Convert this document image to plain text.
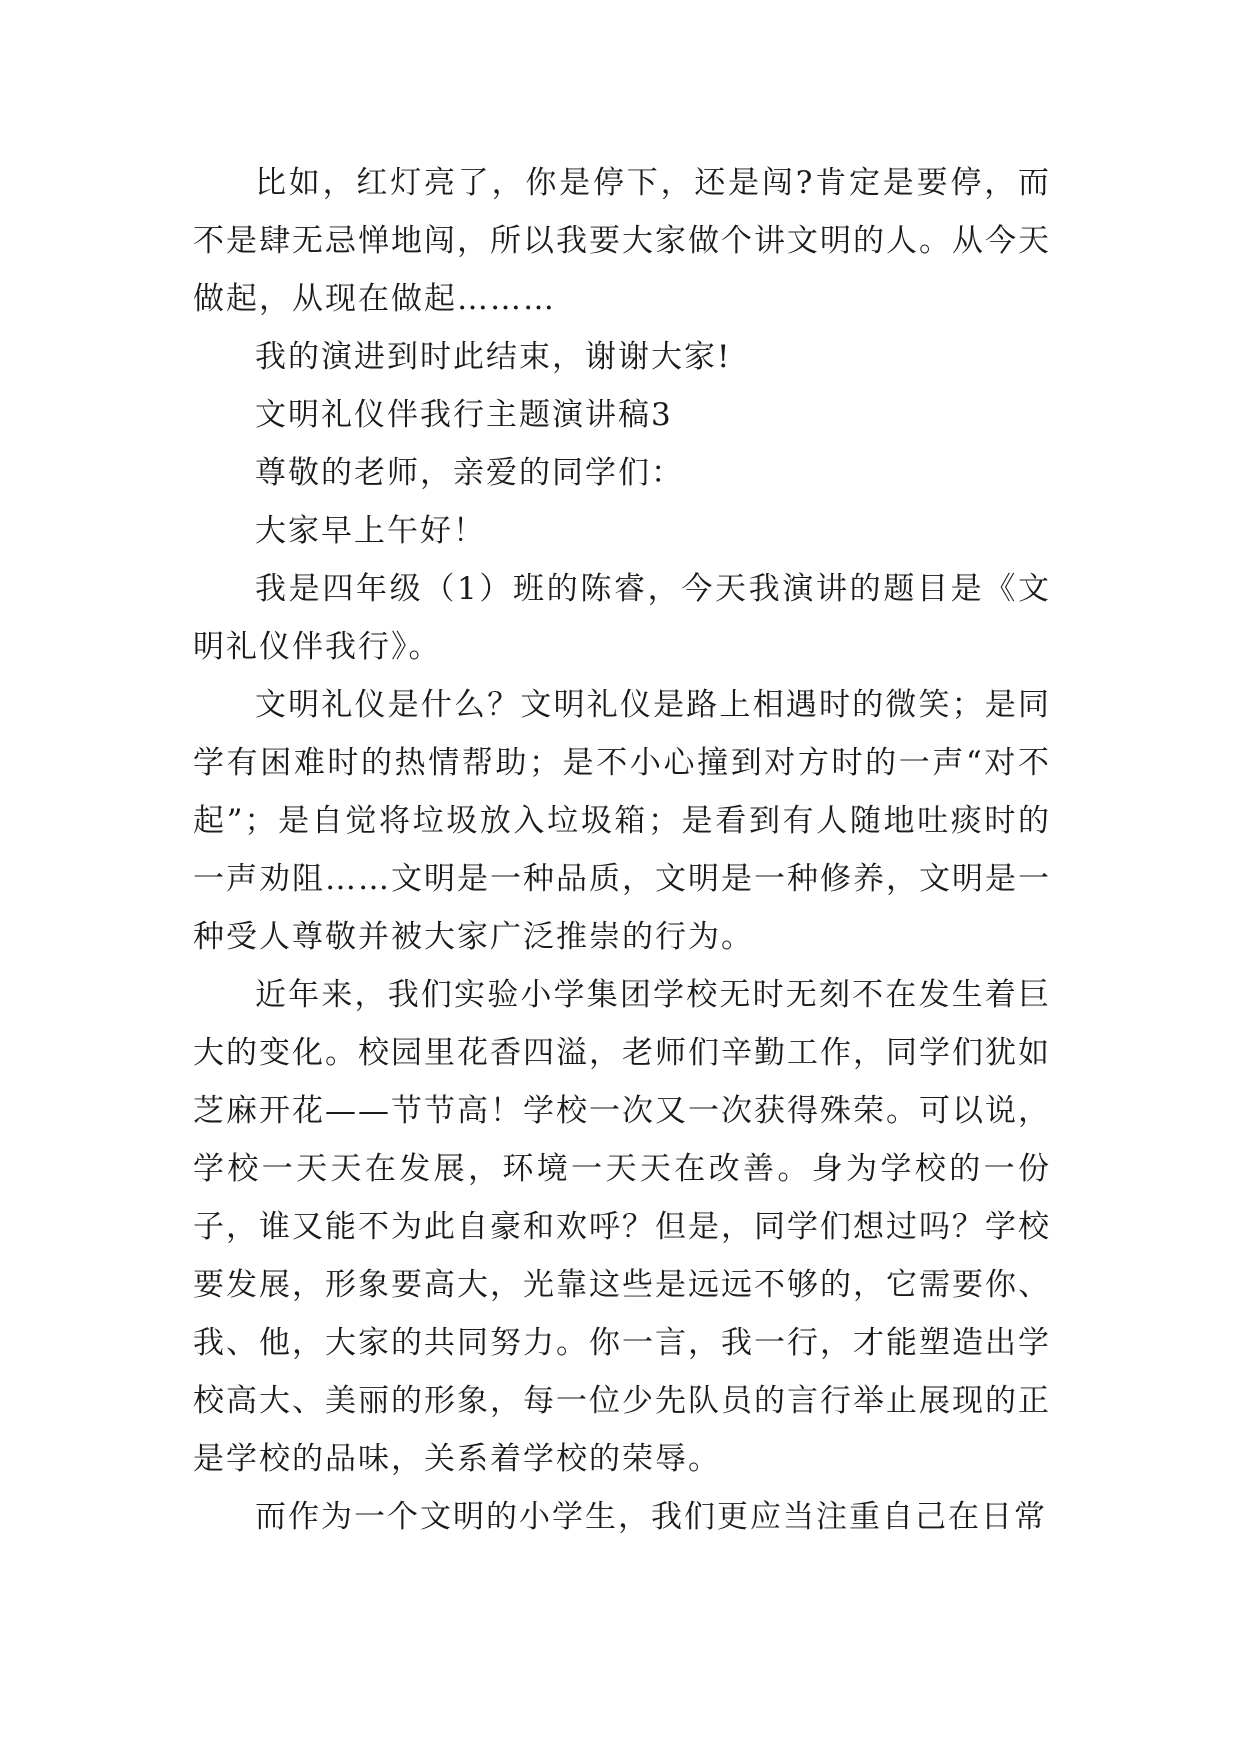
比如，红灯亮了，你是停下，还是闯?肯定是要停，而不是肆无忌惮地闯，所以我要大家做个讲文明的人。从今天做起，从现在做起………

我的演进到时此结束，谢谢大家!

文明礼仪伴我行主题演讲稿3

尊敬的老师，亲爱的同学们：

大家早上午好！

我是四年级（1）班的陈睿，今天我演讲的题目是《文明礼仪伴我行》。

文明礼仪是什么？文明礼仪是路上相遇时的微笑；是同学有困难时的热情帮助；是不小心撞到对方时的一声“对不起”；是自觉将垃圾放入垃圾箱；是看到有人随地吐痰时的一声劝阻……文明是一种品质，文明是一种修养，文明是一种受人尊敬并被大家广泛推崇的行为。

近年来，我们实验小学集团学校无时无刻不在发生着巨大的变化。校园里花香四溢，老师们辛勤工作，同学们犹如芝麻开花——节节高！学校一次又一次获得殊荣。可以说，学校一天天在发展，环境一天天在改善。身为学校的一份子，谁又能不为此自豪和欢呼？但是，同学们想过吗？学校要发展，形象要高大，光靠这些是远远不够的，它需要你、我、他，大家的共同努力。你一言，我一行，才能塑造出学校高大、美丽的形象，每一位少先队员的言行举止展现的正是学校的品味，关系着学校的荣辱。

而作为一个文明的小学生，我们更应当注重自己在日常
